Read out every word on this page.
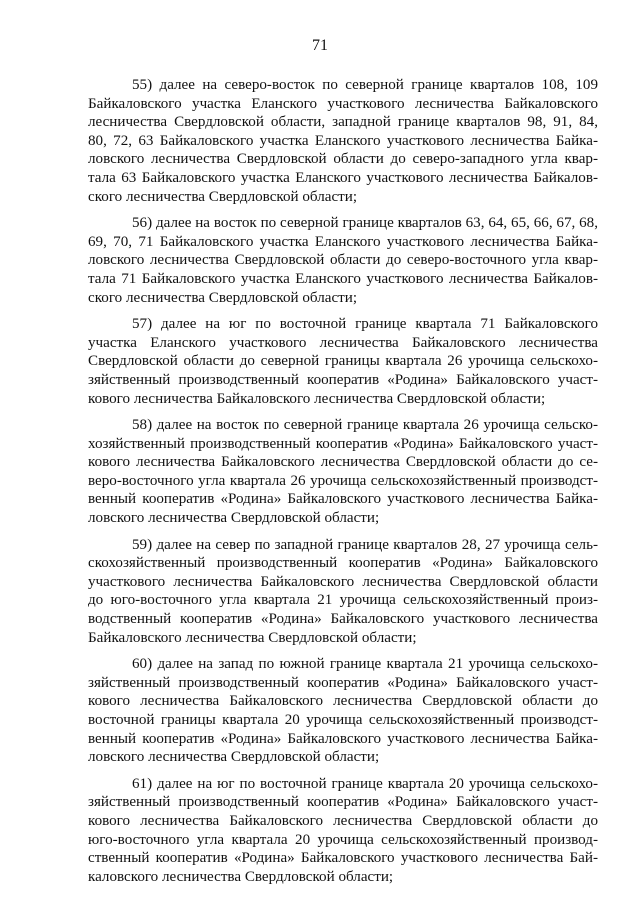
71
55) далее на северо-восток по северной границе кварталов 108, 109
Байкаловского участка Еланского участкового лесничества Байкаловского
лесничества Свердловской области, западной границе кварталов 98, 91, 84,
80, 72, 63 Байкаловского участка Еланского участкового лесничества Байка-
ловского лесничества Свердловской области до северо-западного угла квар-
тала 63 Байкаловского участка Еланского участкового лесничества Байкалов-
ского лесничества Свердловской области;
56) далее на восток по северной границе кварталов 63, 64, 65, 66, 67, 68,
69, 70, 71 Байкаловского участка Еланского участкового лесничества Байка-
ловского лесничества Свердловской области до северо-восточного угла квар-
тала 71 Байкаловского участка Еланского участкового лесничества Байкалов-
ского лесничества Свердловской области;
57) далее на юг по восточной границе квартала 71 Байкаловского
участка Еланского участкового лесничества Байкаловского лесничества
Свердловской области до северной границы квартала 26 урочища сельскохо-
зяйственный производственный кооператив «Родина» Байкаловского участ-
кового лесничества Байкаловского лесничества Свердловской области;
58) далее на восток по северной границе квартала 26 урочища сельско-
хозяйственный производственный кооператив «Родина» Байкаловского участ-
кового лесничества Байкаловского лесничества Свердловской области до се-
веро-восточного угла квартала 26 урочища сельскохозяйственный производст-
венный кооператив «Родина» Байкаловского участкового лесничества Байка-
ловского лесничества Свердловской области;
59) далее на север по западной границе кварталов 28, 27 урочища сель-
скохозяйственный производственный кооператив «Родина» Байкаловского
участкового лесничества Байкаловского лесничества Свердловской области
до юго-восточного угла квартала 21 урочища сельскохозяйственный произ-
водственный кооператив «Родина» Байкаловского участкового лесничества
Байкаловского лесничества Свердловской области;
60) далее на запад по южной границе квартала 21 урочища сельскохо-
зяйственный производственный кооператив «Родина» Байкаловского участ-
кового лесничества Байкаловского лесничества Свердловской области до
восточной границы квартала 20 урочища сельскохозяйственный производст-
венный кооператив «Родина» Байкаловского участкового лесничества Байка-
ловского лесничества Свердловской области;
61) далее на юг по восточной границе квартала 20 урочища сельскохо-
зяйственный производственный кооператив «Родина» Байкаловского участ-
кового лесничества Байкаловского лесничества Свердловской области до
юго-восточного угла квартала 20 урочища сельскохозяйственный производ-
ственный кооператив «Родина» Байкаловского участкового лесничества Бай-
каловского лесничества Свердловской области;
